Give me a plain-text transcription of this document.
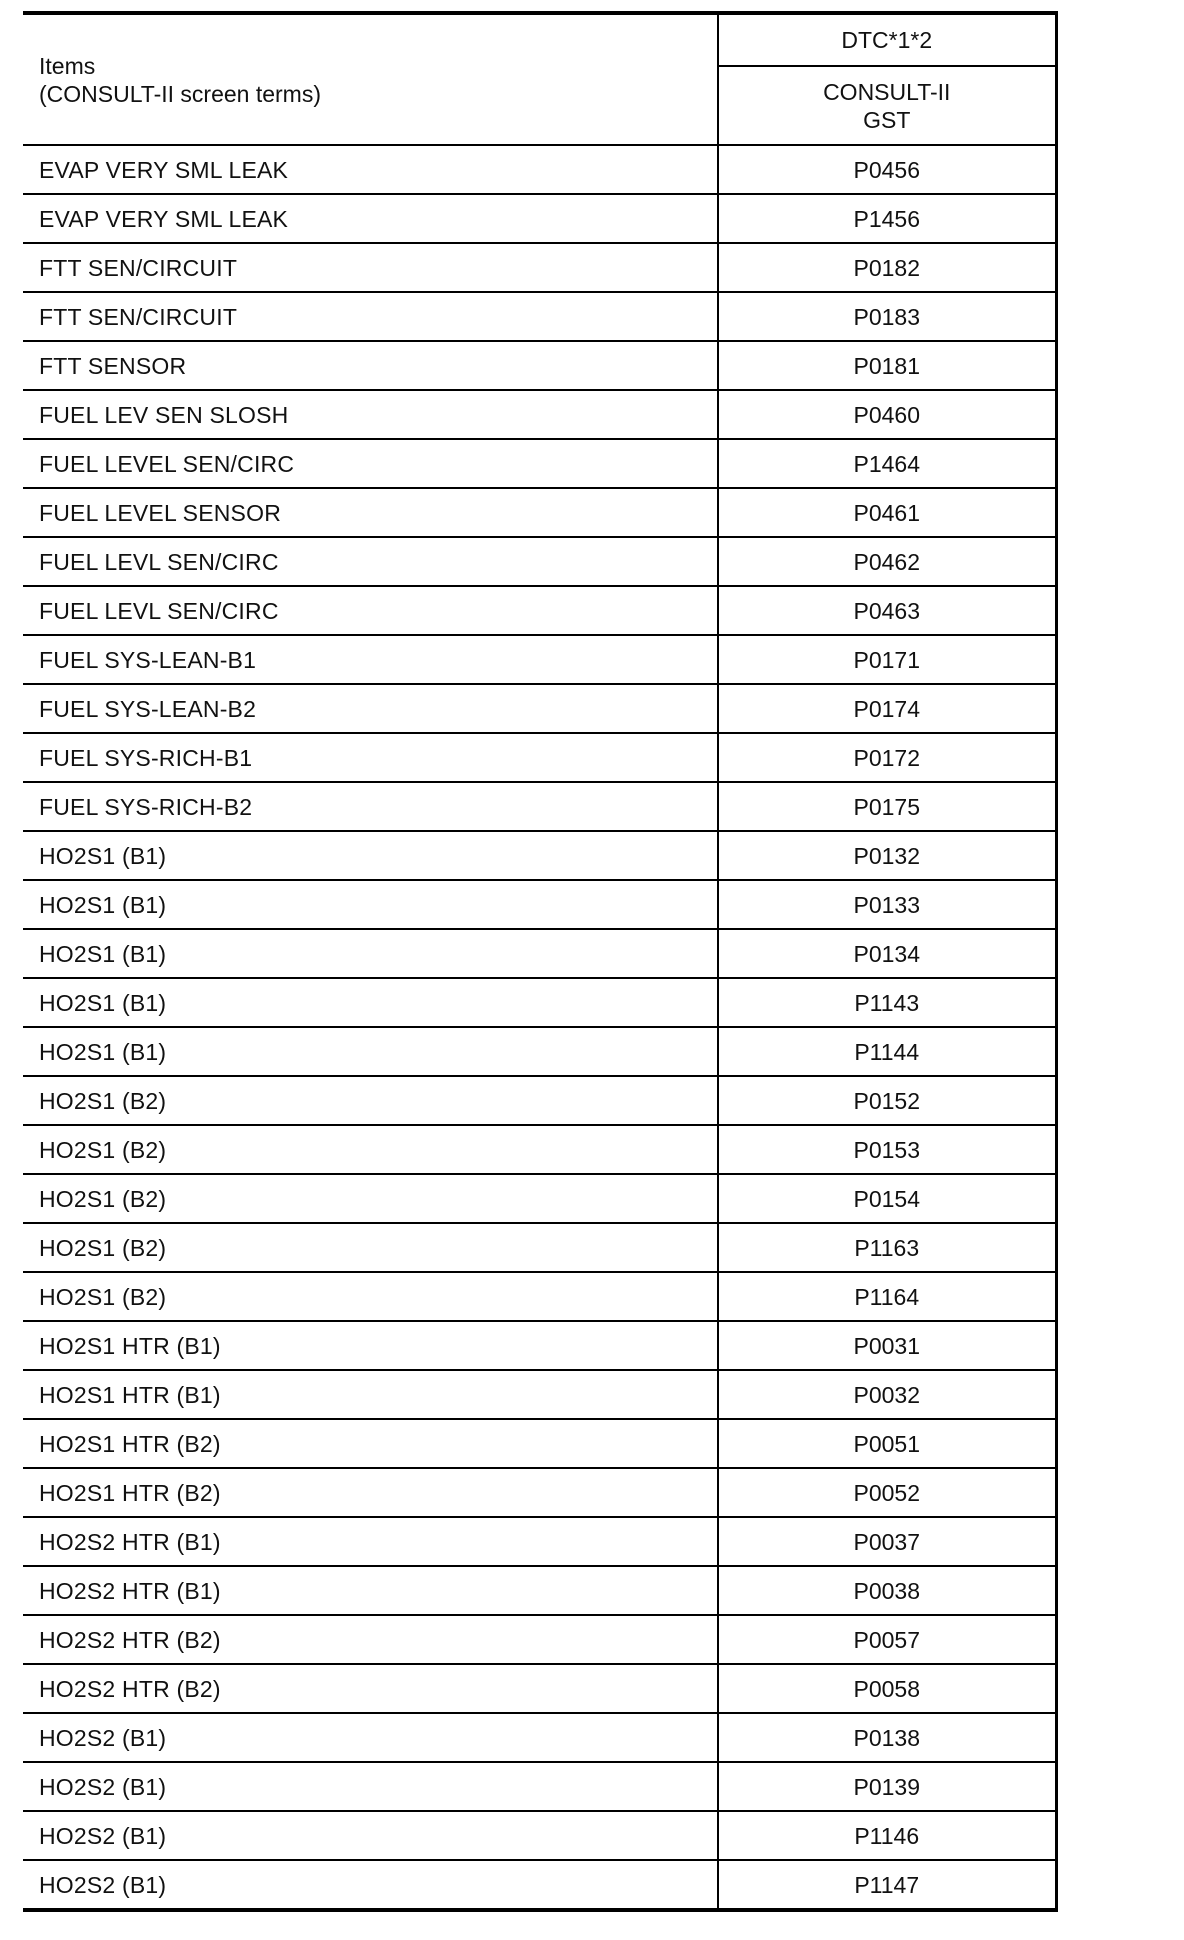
Items
(CONSULT-II screen terms)	DTC*1*2

	CONSULT-II
GST

EVAP VERY SML LEAK	P0456
EVAP VERY SML LEAK	P1456
FTT SEN/CIRCUIT	P0182
FTT SEN/CIRCUIT	P0183
FTT SENSOR	P0181
FUEL LEV SEN SLOSH	P0460
FUEL LEVEL SEN/CIRC	P1464
FUEL LEVEL SENSOR	P0461
FUEL LEVL SEN/CIRC	P0462
FUEL LEVL SEN/CIRC	P0463
FUEL SYS-LEAN-B1	P0171
FUEL SYS-LEAN-B2	P0174
FUEL SYS-RICH-B1	P0172
FUEL SYS-RICH-B2	P0175
HO2S1 (B1)	P0132
HO2S1 (B1)	P0133
HO2S1 (B1)	P0134
HO2S1 (B1)	P1143
HO2S1 (B1)	P1144
HO2S1 (B2)	P0152
HO2S1 (B2)	P0153
HO2S1 (B2)	P0154
HO2S1 (B2)	P1163
HO2S1 (B2)	P1164
HO2S1 HTR (B1)	P0031
HO2S1 HTR (B1)	P0032
HO2S1 HTR (B2)	P0051
HO2S1 HTR (B2)	P0052
HO2S2 HTR (B1)	P0037
HO2S2 HTR (B1)	P0038
HO2S2 HTR (B2)	P0057
HO2S2 HTR (B2)	P0058
HO2S2 (B1)	P0138
HO2S2 (B1)	P0139
HO2S2 (B1)	P1146
HO2S2 (B1)	P1147
